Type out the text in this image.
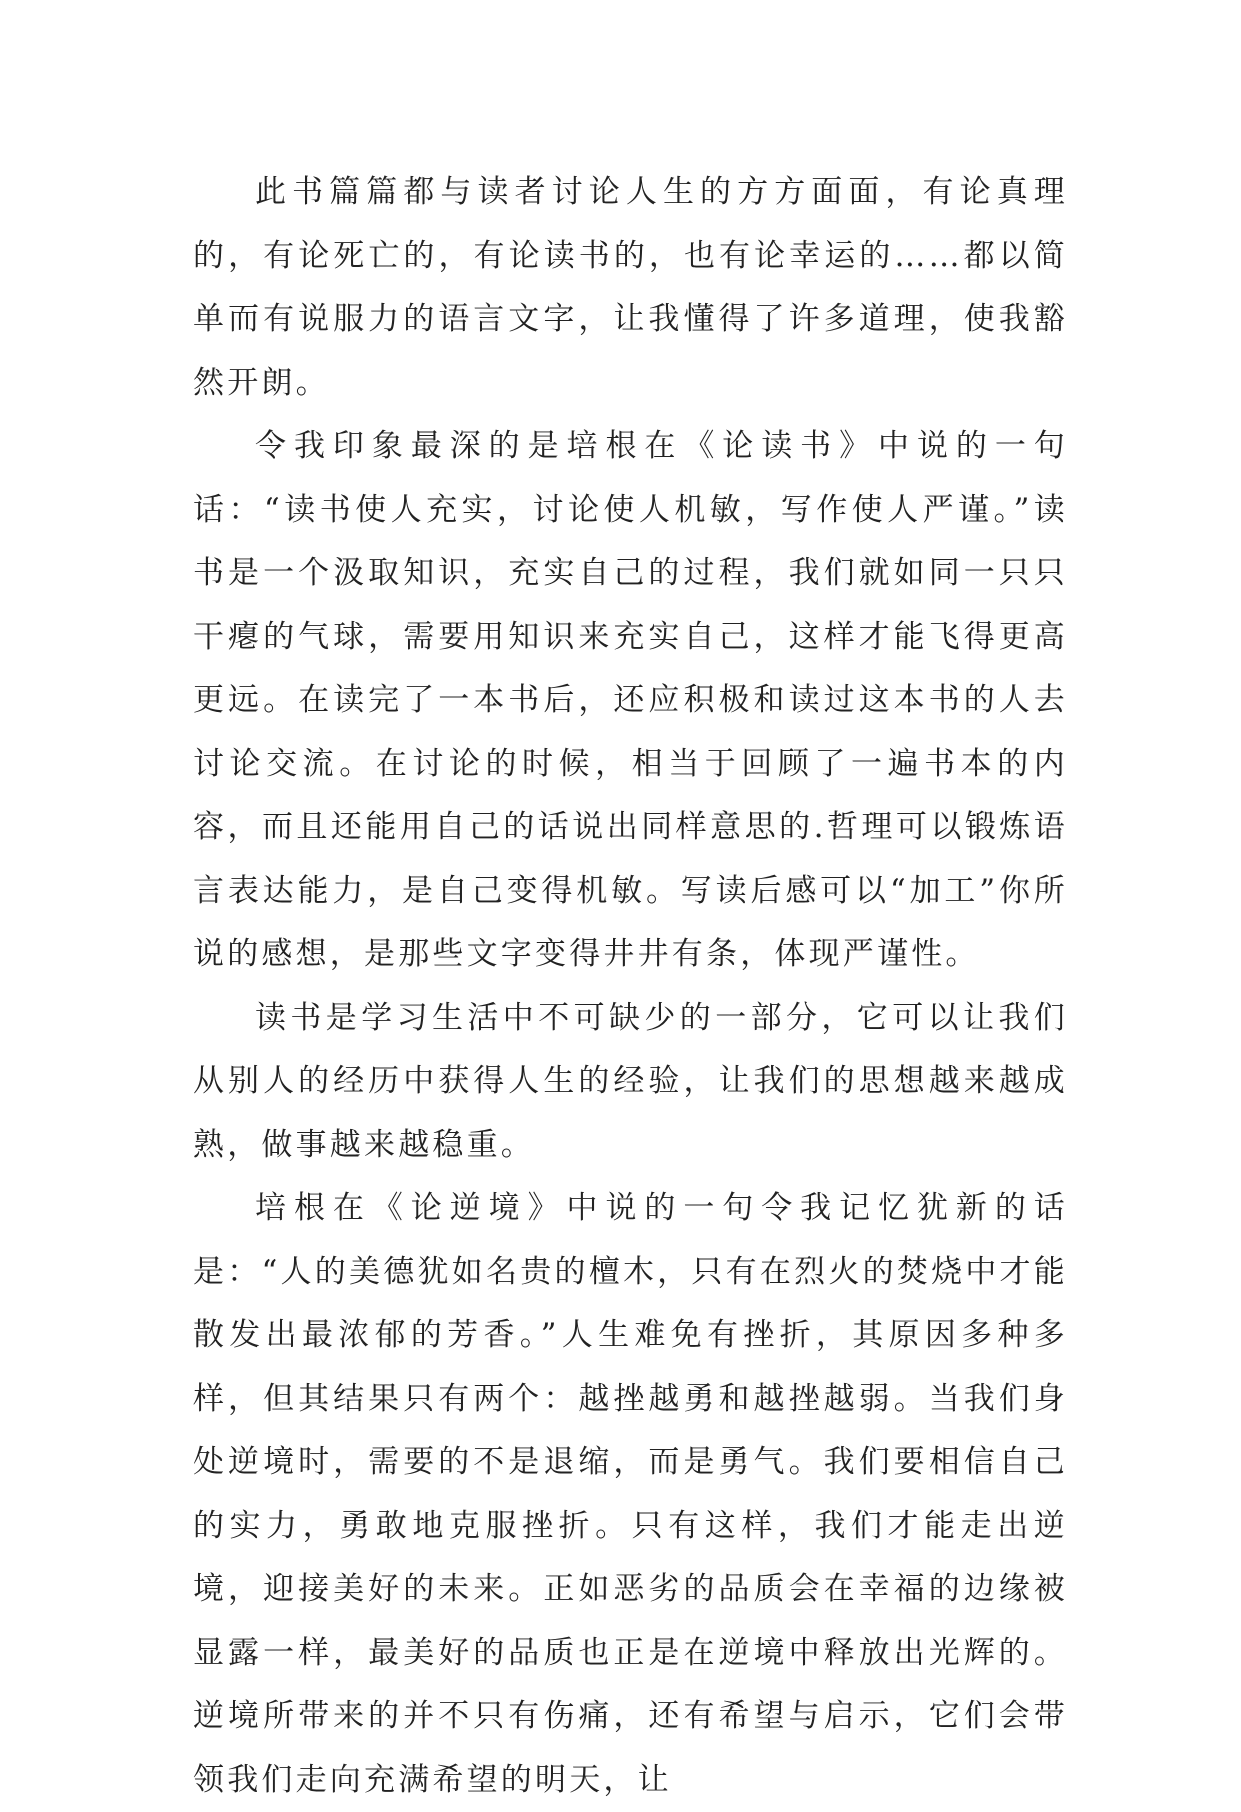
此书篇篇都与读者讨论人生的方方面面，有论真理的，有论死亡的，有论读书的，也有论幸运的……都以简单而有说服力的语言文字，让我懂得了许多道理，使我豁然开朗。

令我印象最深的是培根在《论读书》中说的一句话：“读书使人充实，讨论使人机敏，写作使人严谨。”读书是一个汲取知识，充实自己的过程，我们就如同一只只干瘪的气球，需要用知识来充实自己，这样才能飞得更高更远。在读完了一本书后，还应积极和读过这本书的人去讨论交流。在讨论的时候，相当于回顾了一遍书本的内容，而且还能用自己的话说出同样意思的.哲理可以锻炼语言表达能力，是自己变得机敏。写读后感可以“加工”你所说的感想，是那些文字变得井井有条，体现严谨性。

读书是学习生活中不可缺少的一部分，它可以让我们从别人的经历中获得人生的经验，让我们的思想越来越成熟，做事越来越稳重。

培根在《论逆境》中说的一句令我记忆犹新的话是：“人的美德犹如名贵的檀木，只有在烈火的焚烧中才能散发出最浓郁的芳香。”人生难免有挫折，其原因多种多样，但其结果只有两个：越挫越勇和越挫越弱。当我们身处逆境时，需要的不是退缩，而是勇气。我们要相信自己的实力，勇敢地克服挫折。只有这样，我们才能走出逆境，迎接美好的未来。正如恶劣的品质会在幸福的边缘被显露一样，最美好的品质也正是在逆境中释放出光辉的。逆境所带来的并不只有伤痛，还有希望与启示，它们会带领我们走向充满希望的明天，让
